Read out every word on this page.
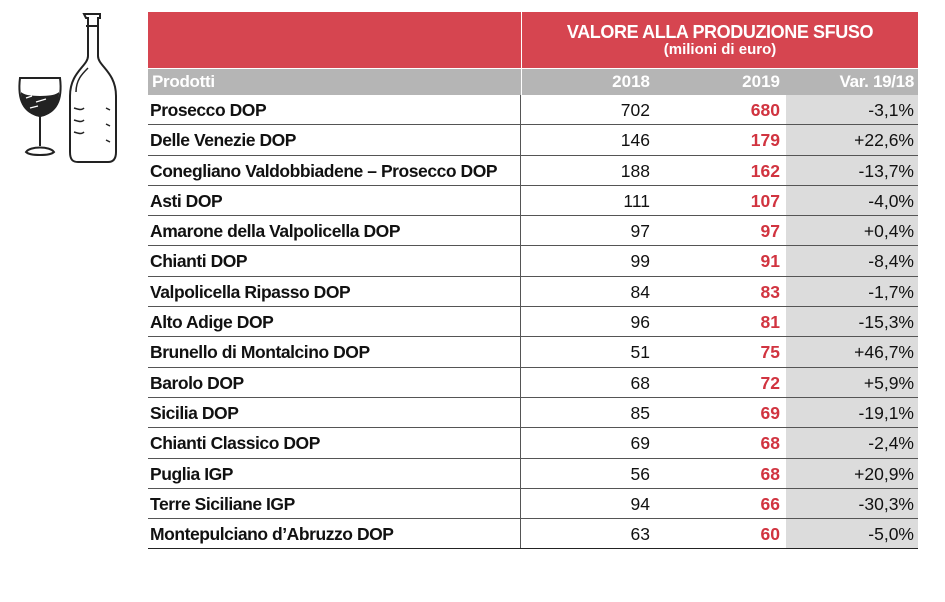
VALORE ALLA PRODUZIONE SFUSO
(milioni di euro)
Prodotti	2018	2019	Var. 19/18
Prosecco DOP	702	680	-3,1%
Delle Venezie DOP	146	179	+22,6%
Conegliano Valdobbiadene – Prosecco DOP	188	162	-13,7%
Asti DOP	111	107	-4,0%
Amarone della Valpolicella DOP	97	97	+0,4%
Chianti DOP	99	91	-8,4%
Valpolicella Ripasso DOP	84	83	-1,7%
Alto Adige DOP	96	81	-15,3%
Brunello di Montalcino DOP	51	75	+46,7%
Barolo DOP	68	72	+5,9%
Sicilia DOP	85	69	-19,1%
Chianti Classico DOP	69	68	-2,4%
Puglia IGP	56	68	+20,9%
Terre Siciliane IGP	94	66	-30,3%
Montepulciano d’Abruzzo DOP	63	60	-5,0%
